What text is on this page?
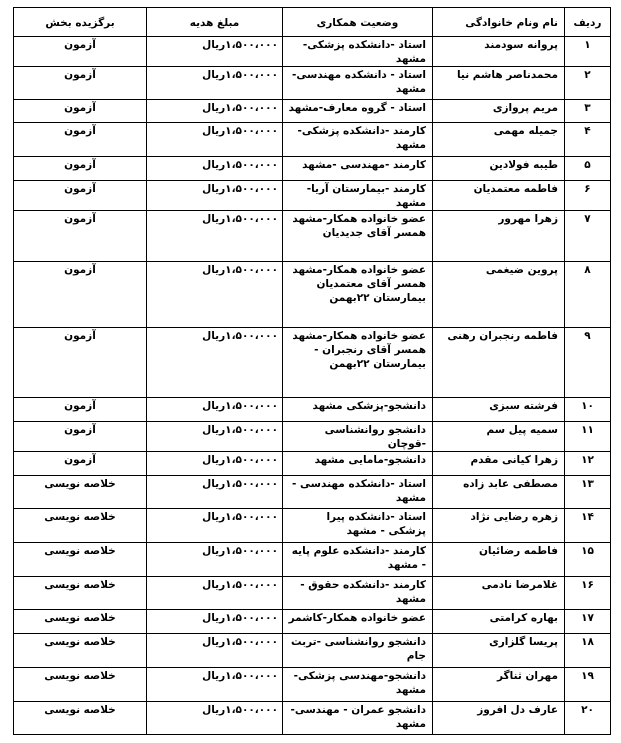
ردیف	نام ونام خانوادگی	وضعیت همکاری	مبلغ هدیه	برگزیده بخش
۱	پروانه سودمند	استاد -دانشکده پزشکی-مشهد	۱،۵۰۰،۰۰۰ریال	آزمون
۲	محمدناصر هاشم نیا	استاد - دانشکده مهندسی- مشهد	۱،۵۰۰،۰۰۰ریال	آزمون
۳	مریم پروازی	استاد - گروه معارف-مشهد	۱،۵۰۰،۰۰۰ریال	آزمون
۴	جمیله مهمی	کارمند -دانشکده پزشکی- مشهد	۱،۵۰۰،۰۰۰ریال	آزمون
۵	طیبه فولادین	کارمند -مهندسی -مشهد	۱،۵۰۰،۰۰۰ریال	آزمون
۶	فاطمه معتمدیان	کارمند -بیمارستان آریا-مشهد	۱،۵۰۰،۰۰۰ریال	آزمون
۷	زهرا مهرور	عضو خانواده همکار-مشهد همسر آقای جدیدیان	۱،۵۰۰،۰۰۰ریال	آزمون
۸	پروین ضیغمی	عضو خانواده همکار-مشهد همسر آقای معتمدیان بیمارستان ۲۲بهمن	۱،۵۰۰،۰۰۰ریال	آزمون
۹	فاطمه رنجبران رهنی	عضو خانواده همکار-مشهد همسر آقای رنجبران - بیمارستان ۲۲بهمن	۱،۵۰۰،۰۰۰ریال	آزمون
۱۰	فرشته سبزی	دانشجو-پزشکی مشهد	۱،۵۰۰،۰۰۰ریال	آزمون
۱۱	سمیه پیل سم	دانشجو روانشناسی -قوچان	۱،۵۰۰،۰۰۰ریال	آزمون
۱۲	زهرا کیانی مقدم	دانشجو-مامایی مشهد	۱،۵۰۰،۰۰۰ریال	آزمون
۱۳	مصطفی عابد زاده	استاد -دانشکده مهندسی - مشهد	۱،۵۰۰،۰۰۰ریال	خلاصه نویسی
۱۴	زهره رضایی نژاد	استاد -دانشکده پیرا پزشکی - مشهد	۱،۵۰۰،۰۰۰ریال	خلاصه نویسی
۱۵	فاطمه رضائیان	کارمند -دانشکده علوم پایه - مشهد	۱،۵۰۰،۰۰۰ریال	خلاصه نویسی
۱۶	غلامرضا نادمی	کارمند -دانشکده حقوق - مشهد	۱،۵۰۰،۰۰۰ریال	خلاصه نویسی
۱۷	بهاره کرامتی	عضو خانواده همکار-کاشمر	۱،۵۰۰،۰۰۰ریال	خلاصه نویسی
۱۸	پریسا گلزاری	دانشجو روانشناسی -تربت جام	۱،۵۰۰،۰۰۰ریال	خلاصه نویسی
۱۹	مهران ثناگر	دانشجو-مهندسی پزشکی- مشهد	۱،۵۰۰،۰۰۰ریال	خلاصه نویسی
۲۰	عارف دل افروز	دانشجو عمران - مهندسی- مشهد	۱،۵۰۰،۰۰۰ریال	خلاصه نویسی
